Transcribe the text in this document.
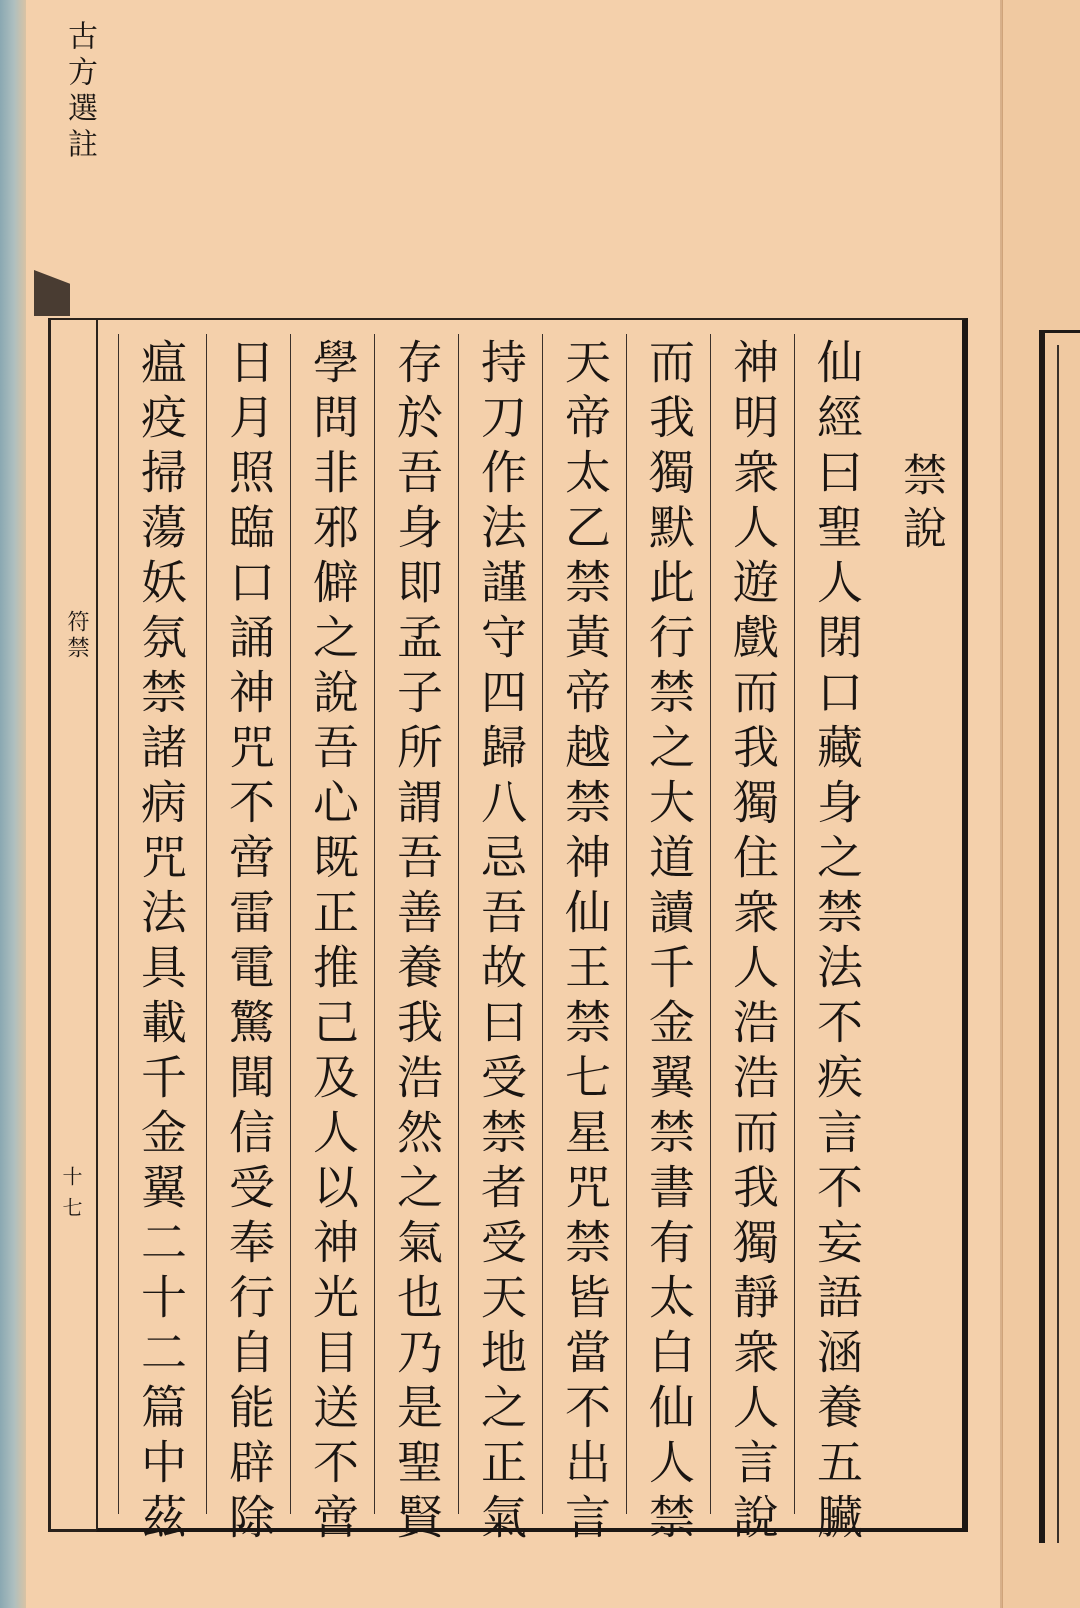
古方選註
符禁
十七
禁說
仙經曰聖人閉口藏身之禁法不疾言不妄語涵養五臟
神明衆人遊戲而我獨住衆人浩浩而我獨靜衆人言說
而我獨默此行禁之大道讀千金翼禁書有太白仙人禁
天帝太乙禁黃帝越禁神仙王禁七星咒禁皆當不出言
持刀作法謹守四歸八忌吾故曰受禁者受天地之正氣
存於吾身即孟子所謂吾善養我浩然之氣也乃是聖賢
學問非邪僻之說吾心既正推己及人以神光目送不啻
日月照臨口誦神咒不啻雷電驚聞信受奉行自能辟除
瘟疫掃蕩妖氛禁諸病咒法具載千金翼二十二篇中茲
